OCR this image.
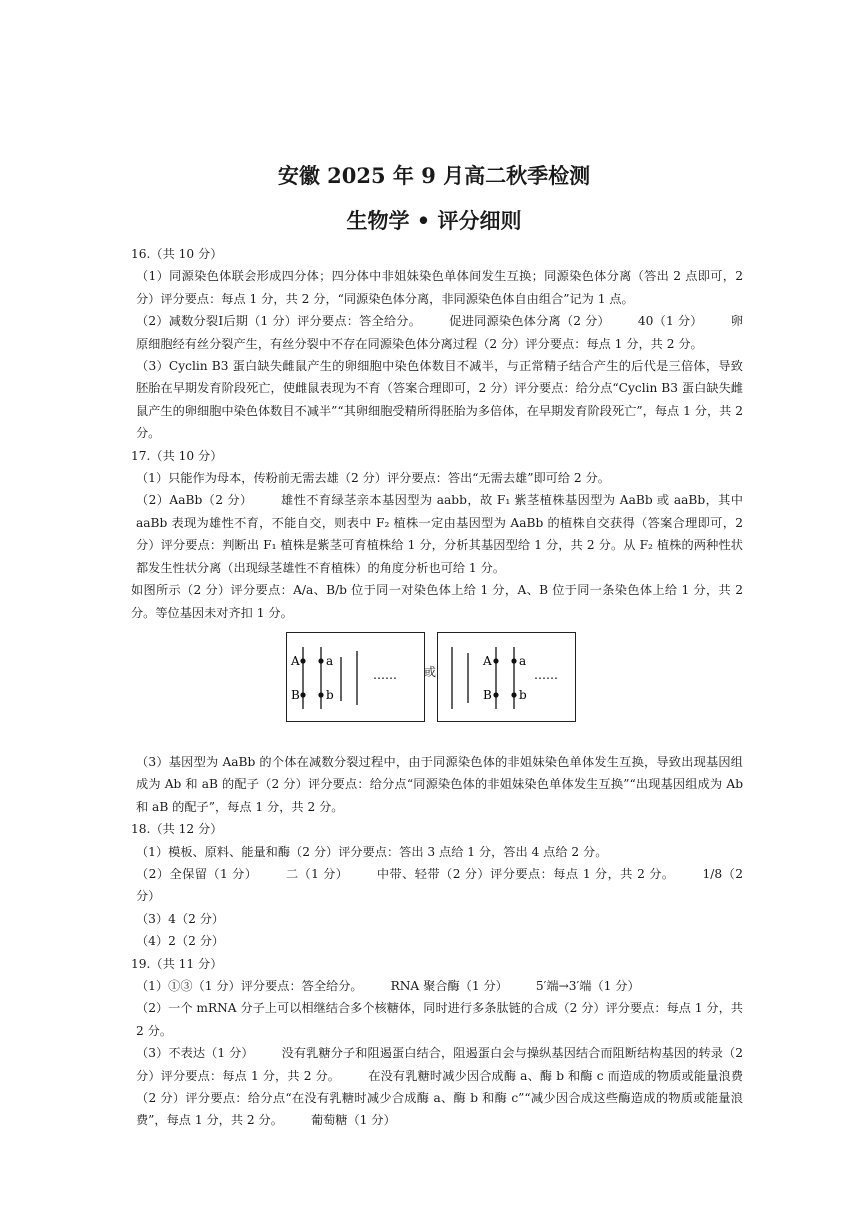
安徽 2025 年 9 月高二秋季检测
生物学 • 评分细则

16.（共 10 分）

（1）同源染色体联会形成四分体；四分体中非姐妹染色单体间发生互换；同源染色体分离（答出 2 点即可，2 分）评分要点：每点 1 分，共 2 分，“同源染色体分离，非同源染色体自由组合”记为 1 点。

（2）减数分裂Ⅰ后期（1 分）评分要点：答全给分。 促进同源染色体分离（2 分） 40（1 分） 卵原细胞经有丝分裂产生，有丝分裂中不存在同源染色体分离过程（2 分）评分要点：每点 1 分，共 2 分。

（3）Cyclin B3 蛋白缺失雌鼠产生的卵细胞中染色体数目不减半，与正常精子结合产生的后代是三倍体，导致胚胎在早期发育阶段死亡，使雌鼠表现为不育（答案合理即可，2 分）评分要点：给分点“Cyclin B3 蛋白缺失雌鼠产生的卵细胞中染色体数目不减半”“其卵细胞受精所得胚胎为多倍体，在早期发育阶段死亡”，每点 1 分，共 2 分。

17.（共 10 分）

（1）只能作为母本，传粉前无需去雄（2 分）评分要点：答出“无需去雄”即可给 2 分。

（2）AaBb（2 分） 雄性不育绿茎亲本基因型为 aabb，故 F₁ 紫茎植株基因型为 AaBb 或 aaBb，其中 aaBb 表现为雄性不育，不能自交，则表中 F₂ 植株一定由基因型为 AaBb 的植株自交获得（答案合理即可，2 分）评分要点：判断出 F₁ 植株是紫茎可育植株给 1 分，分析其基因型给 1 分，共 2 分。从 F₂ 植株的两种性状都发生性状分离（出现绿茎雄性不育植株）的角度分析也可给 1 分。

如图所示（2 分）评分要点：A/a、B/b 位于同一对染色体上给 1 分，A、B 位于同一条染色体上给 1 分，共 2 分。等位基因未对齐扣 1 分。

A a
B b
…… 或
A a
B b
……

（3）基因型为 AaBb 的个体在减数分裂过程中，由于同源染色体的非姐妹染色单体发生互换，导致出现基因组成为 Ab 和 aB 的配子（2 分）评分要点：给分点“同源染色体的非姐妹染色单体发生互换”“出现基因组成为 Ab 和 aB 的配子”，每点 1 分，共 2 分。

18.（共 12 分）

（1）模板、原料、能量和酶（2 分）评分要点：答出 3 点给 1 分，答出 4 点给 2 分。

（2）全保留（1 分） 二（1 分） 中带、轻带（2 分）评分要点：每点 1 分，共 2 分。 1/8（2 分）

（3）4（2 分）

（4）2（2 分）

19.（共 11 分）

（1）①③（1 分）评分要点：答全给分。 RNA 聚合酶（1 分） 5′端→3′端（1 分）

（2）一个 mRNA 分子上可以相继结合多个核糖体，同时进行多条肽链的合成（2 分）评分要点：每点 1 分，共 2 分。

（3）不表达（1 分） 没有乳糖分子和阻遏蛋白结合，阻遏蛋白会与操纵基因结合而阻断结构基因的转录（2 分）评分要点：每点 1 分，共 2 分。 在没有乳糖时减少因合成酶 a、酶 b 和酶 c 而造成的物质或能量浪费（2 分）评分要点：给分点“在没有乳糖时减少合成酶 a、酶 b 和酶 c”“减少因合成这些酶造成的物质或能量浪费”，每点 1 分，共 2 分。 葡萄糖（1 分）
